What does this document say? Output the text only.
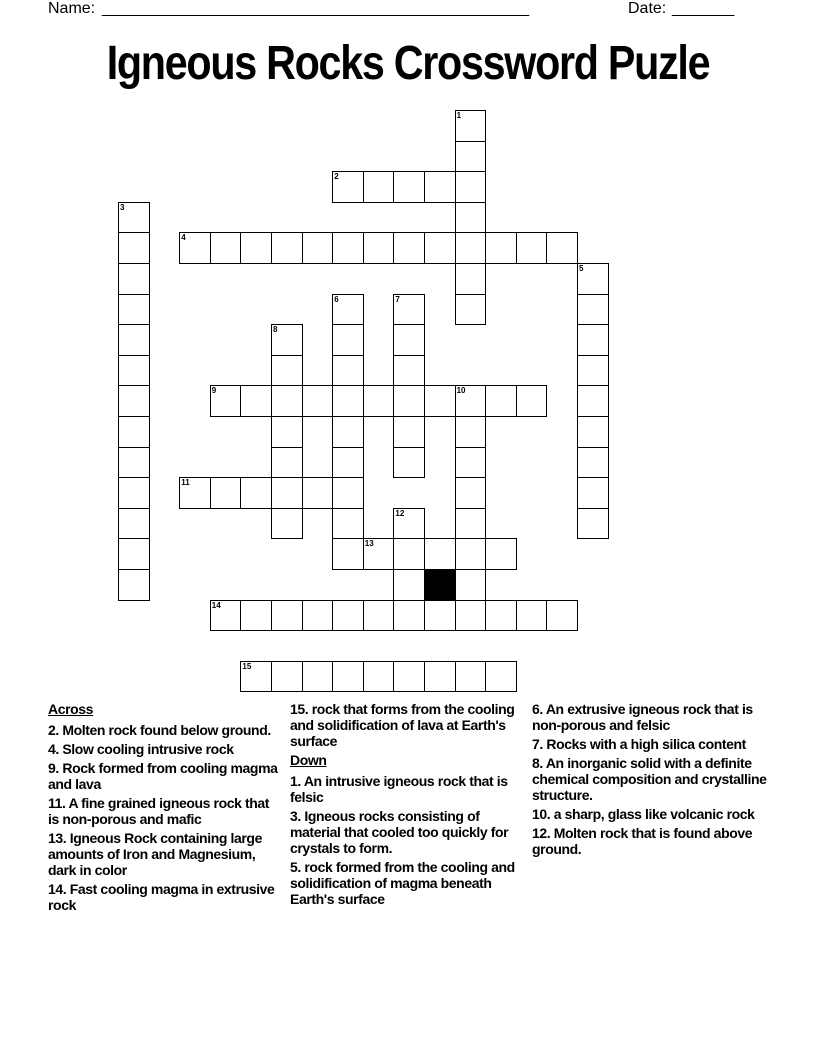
Name: ________________________________________________	Date: _______
Igneous Rocks Crossword Puzle
1
2
3
4
5
6	7
8
9	10
11
12
13
14
15
Across
2. Molten rock found below ground.
4. Slow cooling intrusive rock
9. Rock formed from cooling magma and lava
11. A fine grained igneous rock that is non-porous and mafic
13. Igneous Rock containing large amounts of Iron and Magnesium, dark in color
14. Fast cooling magma in extrusive rock
15. rock that forms from the cooling and solidification of lava at Earth's surface
Down
1. An intrusive igneous rock that is felsic
3. Igneous rocks consisting of material that cooled too quickly for crystals to form.
5. rock formed from the cooling and solidification of magma beneath Earth's surface
6. An extrusive igneous rock that is non-porous and felsic
7. Rocks with a high silica content
8. An inorganic solid with a definite chemical composition and crystalline structure.
10. a sharp, glass like volcanic rock
12. Molten rock that is found above ground.
